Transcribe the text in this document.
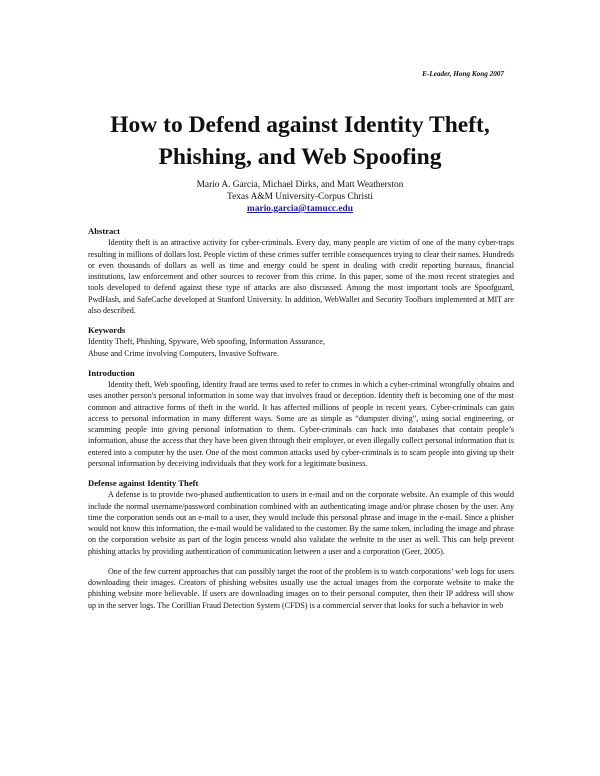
E-Leader, Hong Kong 2007
How to Defend against Identity Theft,
Phishing, and Web Spoofing
Mario A. Garcia, Michael Dirks, and Matt Weatherston
Texas A&M University-Corpus Christi
mario.garcia@tamucc.edu

Abstract

Identity theft is an attractive activity for cyber-criminals. Every day, many people are victim of one of the many cyber-traps resulting in millions of dollars lost. People victim of these crimes suffer terrible consequences trying to clear their names. Hundreds or even thousands of dollars as well as time and energy could be spent in dealing with credit reporting bureaus, financial institutions, law enforcement and other sources to recover from this crime. In this paper, some of the most recent strategies and tools developed to defend against these type of attacks are also discussed. Among the most important tools are Spoofguard, PwdHash, and SafeCache developed at Stanford University. In addition, WebWallet and Security Toolbars implemented at MIT are also described.

Keywords

Identity Theft, Phishing, Spyware, Web spoofing, Information Assurance,

Abuse and Crime involving Computers, Invasive Software.

Introduction

Identity theft, Web spoofing, identity fraud are terms used to refer to crimes in which a cyber-criminal wrongfully obtains and uses another person's personal information in some way that involves fraud or deception. Identity theft is becoming one of the most common and attractive forms of theft in the world. It has affected millions of people in recent years. Cyber-criminals can gain access to personal information in many different ways. Some are as simple as “dumpster diving”, using social engineering, or scamming people into giving personal information to them. Cyber-criminals can hack into databases that contain people’s information, abuse the access that they have been given through their employer, or even illegally collect personal information that is entered into a computer by the user. One of the most common attacks used by cyber-criminals is to scam people into giving up their personal information by deceiving individuals that they work for a legitimate business.

Defense against Identity Theft

A defense is to provide two-phased authentication to users in e-mail and on the corporate website. An example of this would include the normal username/password combination combined with an authenticating image and/or phrase chosen by the user. Any time the corporation sends out an e-mail to a user, they would include this personal phrase and image in the e-mail. Since a phisher would not know this information, the e-mail would be validated to the customer. By the same token, including the image and phrase on the corporation website as part of the login process would also validate the website to the user as well. This can help prevent phishing attacks by providing authentication of communication between a user and a corporation (Geer, 2005).

One of the few current approaches that can possibly target the root of the problem is to watch corporations’ web logs for users downloading their images. Creators of phishing websites usually use the actual images from the corporate website to make the phishing website more believable. If users are downloading images on to their personal computer, then their IP address will show up in the server logs. The Corillian Fraud Detection System (CFDS) is a commercial server that looks for such a behavior in web
